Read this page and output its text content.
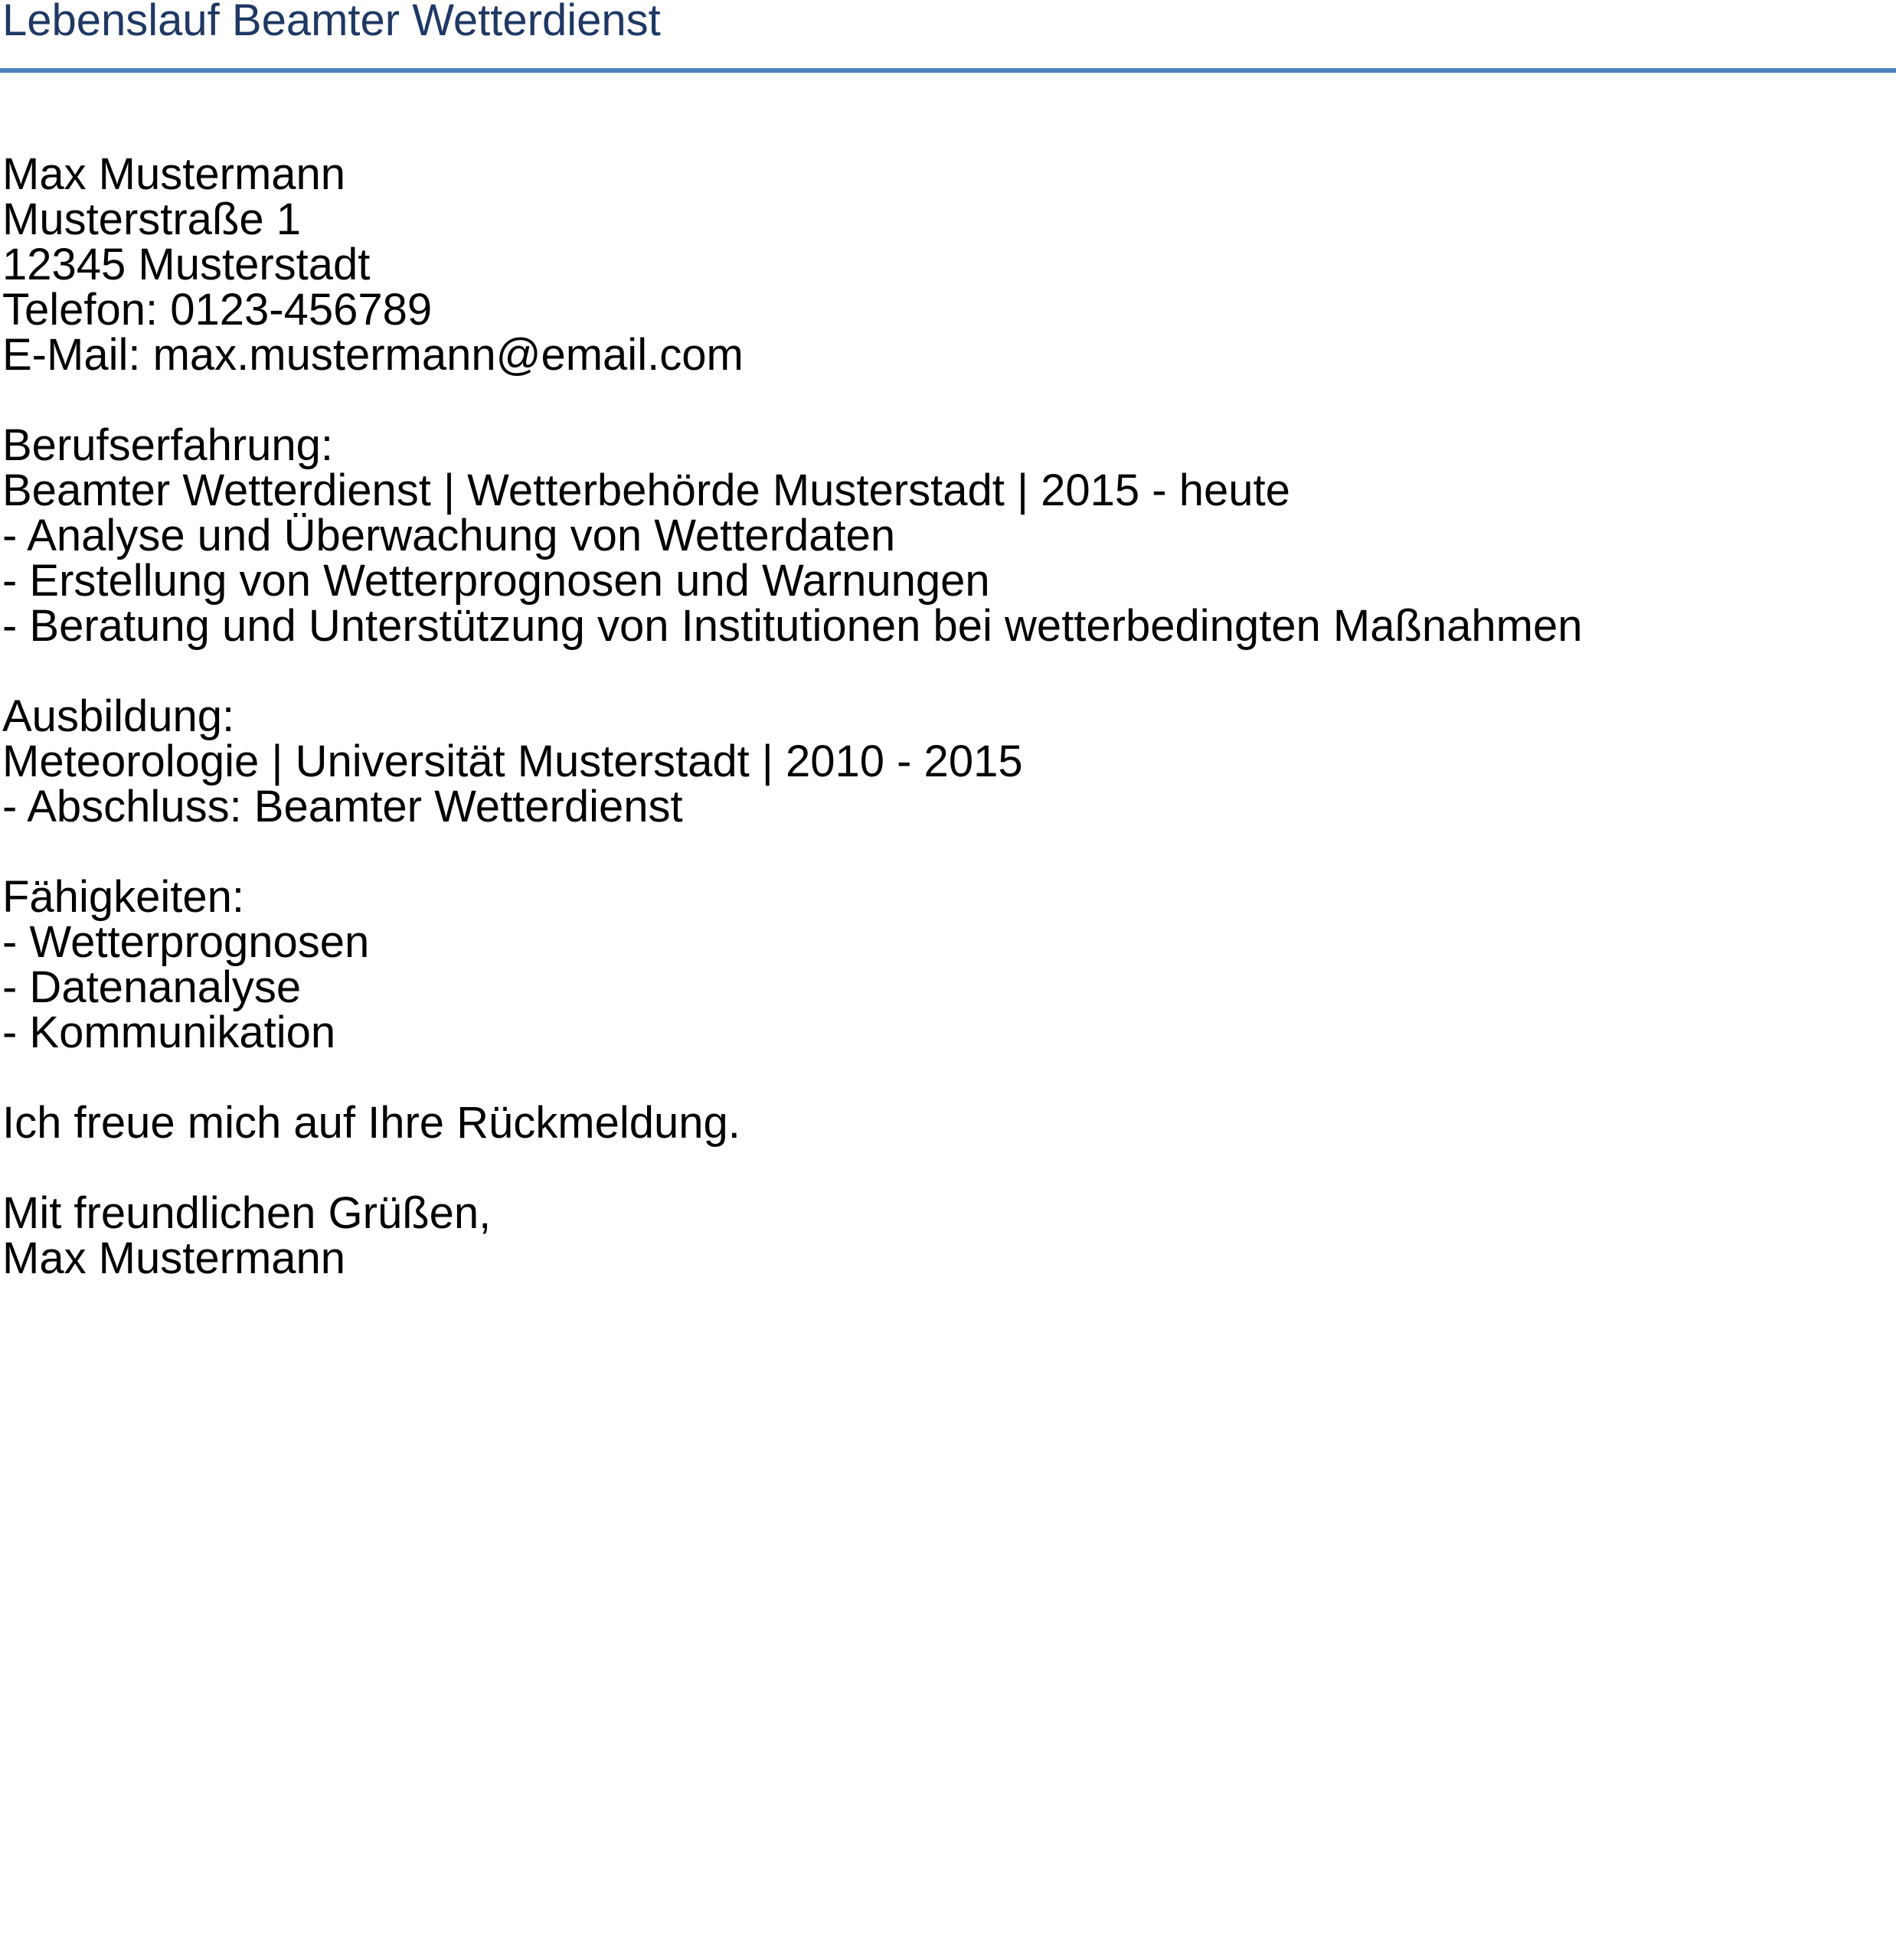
Lebenslauf Beamter Wetterdienst
Max Mustermann
Musterstraße 1
12345 Musterstadt
Telefon: 0123-456789
E-Mail: max.mustermann@email.com
Berufserfahrung:
Beamter Wetterdienst | Wetterbehörde Musterstadt | 2015 - heute
- Analyse und Überwachung von Wetterdaten
- Erstellung von Wetterprognosen und Warnungen
- Beratung und Unterstützung von Institutionen bei wetterbedingten Maßnahmen
Ausbildung:
Meteorologie | Universität Musterstadt | 2010 - 2015
- Abschluss: Beamter Wetterdienst
Fähigkeiten:
- Wetterprognosen
- Datenanalyse
- Kommunikation
Ich freue mich auf Ihre Rückmeldung.
Mit freundlichen Grüßen,
Max Mustermann
